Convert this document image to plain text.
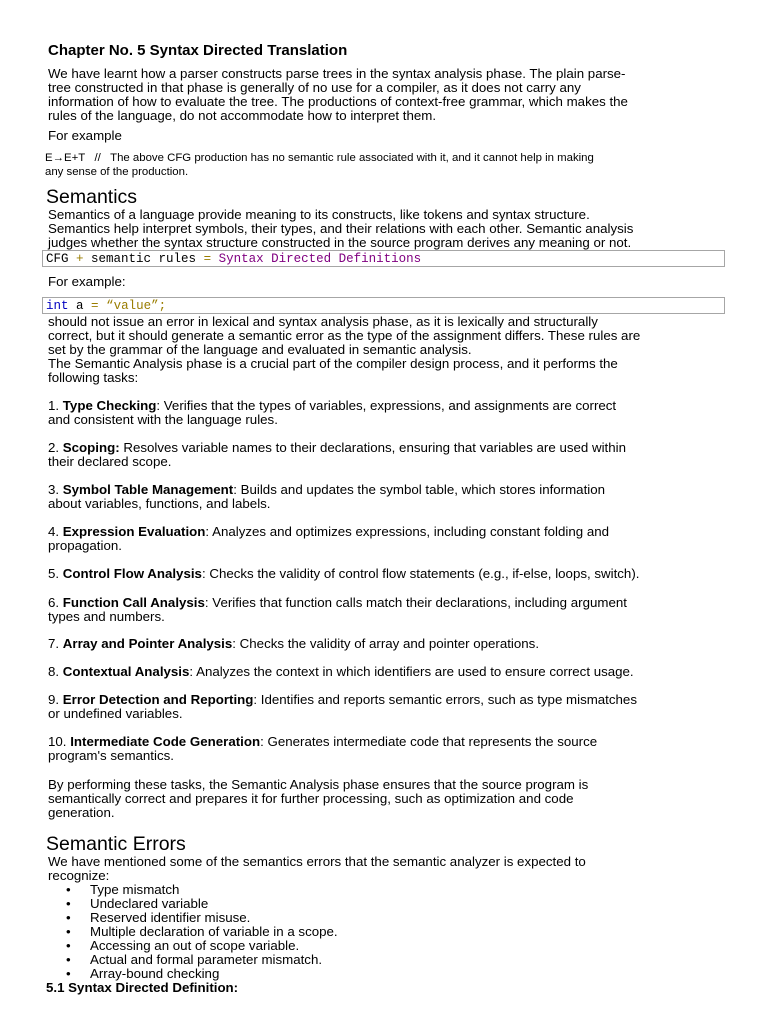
Chapter No. 5 Syntax Directed Translation
We have learnt how a parser constructs parse trees in the syntax analysis phase. The plain parse-
tree constructed in that phase is generally of no use for a compiler, as it does not carry any
information of how to evaluate the tree. The productions of context-free grammar, which makes the
rules of the language, do not accommodate how to interpret them.
For example
E→E+T //   The above CFG production has no semantic rule associated with it, and it cannot help in making
any sense of the production.
Semantics
Semantics of a language provide meaning to its constructs, like tokens and syntax structure.
Semantics help interpret symbols, their types, and their relations with each other. Semantic analysis
judges whether the syntax structure constructed in the source program derives any meaning or not.
CFG + semantic rules = Syntax Directed Definitions
For example:
int a = “value”;
should not issue an error in lexical and syntax analysis phase, as it is lexically and structurally
correct, but it should generate a semantic error as the type of the assignment differs. These rules are
set by the grammar of the language and evaluated in semantic analysis.
The Semantic Analysis phase is a crucial part of the compiler design process, and it performs the
following tasks:
1. Type Checking: Verifies that the types of variables, expressions, and assignments are correct
and consistent with the language rules.
2. Scoping: Resolves variable names to their declarations, ensuring that variables are used within
their declared scope.
3. Symbol Table Management: Builds and updates the symbol table, which stores information
about variables, functions, and labels.
4. Expression Evaluation: Analyzes and optimizes expressions, including constant folding and
propagation.
5. Control Flow Analysis: Checks the validity of control flow statements (e.g., if-else, loops, switch).
6. Function Call Analysis: Verifies that function calls match their declarations, including argument
types and numbers.
7. Array and Pointer Analysis: Checks the validity of array and pointer operations.
8. Contextual Analysis: Analyzes the context in which identifiers are used to ensure correct usage.
9. Error Detection and Reporting: Identifies and reports semantic errors, such as type mismatches
or undefined variables.
10. Intermediate Code Generation: Generates intermediate code that represents the source
program's semantics.
By performing these tasks, the Semantic Analysis phase ensures that the source program is
semantically correct and prepares it for further processing, such as optimization and code
generation.
Semantic Errors
We have mentioned some of the semantics errors that the semantic analyzer is expected to
recognize:
• Type mismatch
• Undeclared variable
• Reserved identifier misuse.
• Multiple declaration of variable in a scope.
• Accessing an out of scope variable.
• Actual and formal parameter mismatch.
• Array-bound checking
5.1 Syntax Directed Definition:
